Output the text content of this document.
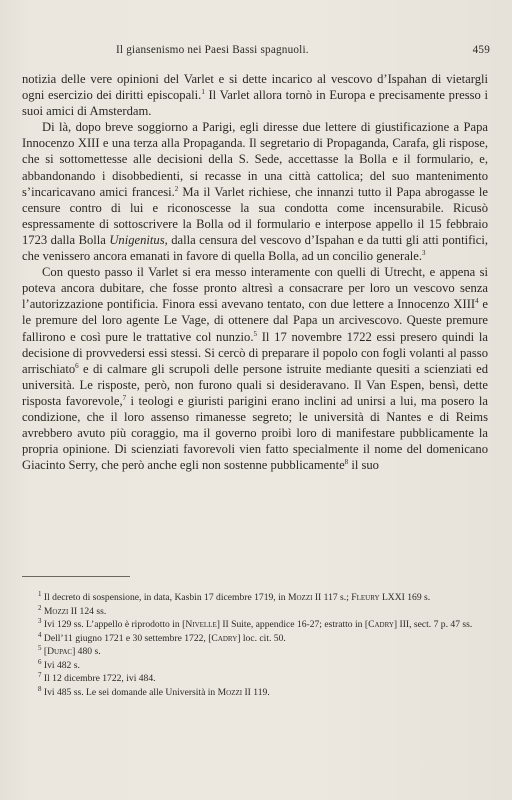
Il giansenismo nei Paesi Bassi spagnuoli.	459

notizia delle vere opinioni del Varlet e si dette incarico al vescovo d’Ispahan di vietargli ogni esercizio dei diritti episcopali.$^1$ Il Varlet allora tornò in Europa e precisamente presso i suoi amici di Amsterdam.

Di là, dopo breve soggiorno a Parigi, egli diresse due lettere di giustificazione a Papa Innocenzo XIII e una terza alla Propaganda. Il segretario di Propaganda, Carafa, gli rispose, che si sottomettesse alle decisioni della S. Sede, accettasse la Bolla e il formulario, e, abbandonando i disobbedienti, si recasse in una città cattolica; del suo mantenimento s’incaricavano amici francesi.$^2$ Ma il Varlet richiese, che innanzi tutto il Papa abrogasse le censure contro di lui e riconoscesse la sua condotta come incensurabile. Ricusò espressamente di sottoscrivere la Bolla od il formulario e interpose appello il 15 febbraio 1723 dalla Bolla Unigenitus, dalla censura del vescovo d’Ispahan e da tutti gli atti pontifici, che venissero ancora emanati in favore di quella Bolla, ad un concilio generale.$^3$

Con questo passo il Varlet si era messo interamente con quelli di Utrecht, e appena si poteva ancora dubitare, che fosse pronto altresì a consacrare per loro un vescovo senza l’autorizzazione pontificia. Finora essi avevano tentato, con due lettere a Innocenzo XIII$^4$ e le premure del loro agente Le Vage, di ottenere dal Papa un arcivescovo. Queste premure fallirono e così pure le trattative col nunzio.$^5$ Il 17 novembre 1722 essi presero quindi la decisione di provvedersi essi stessi. Si cercò di preparare il popolo con fogli volanti al passo arrischiato$^6$ e di calmare gli scrupoli delle persone istruite mediante quesiti a scienziati ed università. Le risposte, però, non furono quali si desideravano. Il Van Espen, bensì, dette risposta favorevole,$^7$ i teologi e giuristi parigini erano inclini ad unirsi a lui, ma posero la condizione, che il loro assenso rimanesse segreto; le università di Nantes e di Reims avrebbero avuto più coraggio, ma il governo proibì loro di manifestare pubblicamente la propria opinione. Di scienziati favorevoli vien fatto specialmente il nome del domenicano Giacinto Serry, che però anche egli non sostenne pubblicamente$^8$ il suo

$^1$ Il decreto di sospensione, in data, Kasbin 17 dicembre 1719, in Mozzi II 117 s.; Fleury LXXI 169 s.

$^2$ Mozzi II 124 ss.

$^3$ Ivi 129 ss. L’appello è riprodotto in [Nivelle] II Suite, appendice 16-27; estratto in [Cadry] III, sect. 7 p. 47 ss.

$^4$ Dell’11 giugno 1721 e 30 settembre 1722, [Cadry] loc. cit. 50.

$^5$ [Dupac] 480 s.

$^6$ Ivi 482 s.

$^7$ Il 12 dicembre 1722, ivi 484.

$^8$ Ivi 485 ss. Le sei domande alle Università in Mozzi II 119.
